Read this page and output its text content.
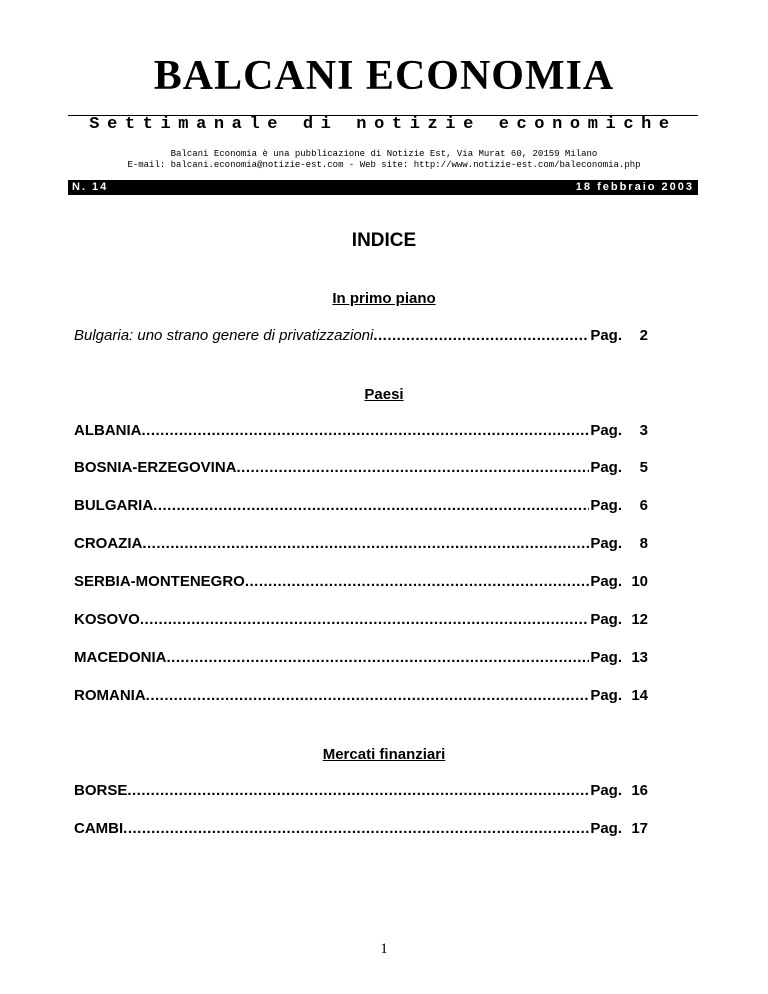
BALCANI ECONOMIA
Settimanale di notizie economiche
Balcani Economia è una pubblicazione di Notizie Est, Via Murat 60, 20159 Milano
E-mail: balcani.economia@notizie-est.com - Web site: http://www.notizie-est.com/baleconomia.php
N. 14	18 febbraio 2003
INDICE
In primo piano
Bulgaria: uno strano genere di privatizzazioni .....	Pag.	2
Paesi
ALBANIA .....	Pag.	3
BOSNIA-ERZEGOVINA .....	Pag.	5
BULGARIA .....	Pag.	6
CROAZIA .....	Pag.	8
SERBIA-MONTENEGRO .....	Pag. 10
KOSOVO .....	Pag. 12
MACEDONIA .....	Pag. 13
ROMANIA .....	Pag. 14
Mercati finanziari
BORSE .....	Pag. 16
CAMBI .....	Pag. 17
1
